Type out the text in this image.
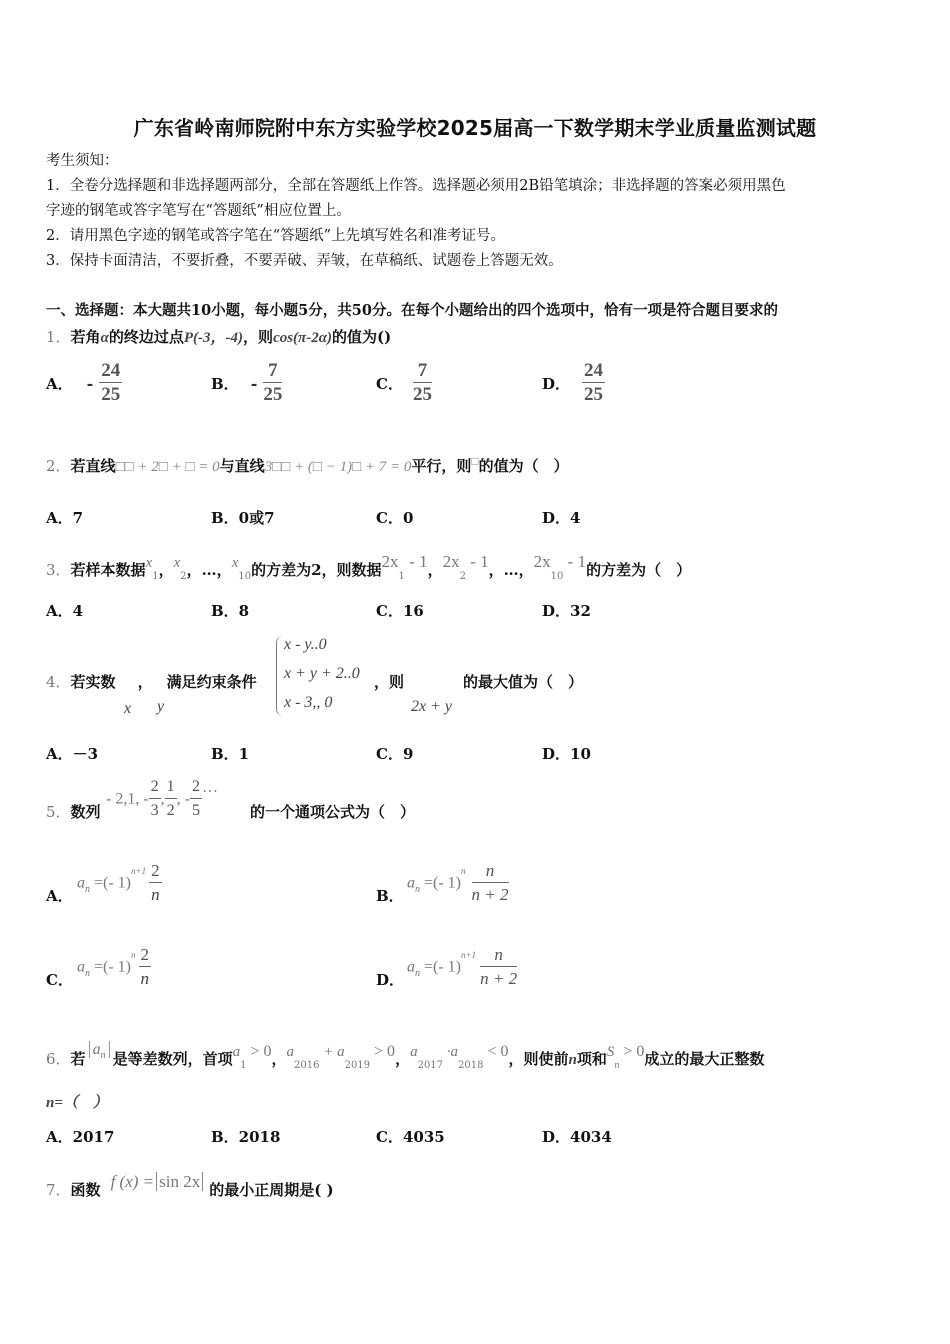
广东省岭南师院附中东方实验学校2025届高一下数学期末学业质量监测试题
考生须知：
1．全卷分选择题和非选择题两部分，全部在答题纸上作答。选择题必须用2B铅笔填涂；非选择题的答案必须用黑色
字迹的钢笔或答字笔写在“答题纸”相应位置上。
2．请用黑色字迹的钢笔或答字笔在“答题纸”上先填写姓名和准考证号。
3．保持卡面清洁，不要折叠，不要弄破、弄皱，在草稿纸、试题卷上答题无效。
一、选择题：本大题共10小题，每小题5分，共50分。在每个小题给出的四个选项中，恰有一项是符合题目要求的
1．若角α的终边过点P(-3，-4)，则cos(π-2α)的值为()
A． - $\frac{24}{25}$	B． - $\frac{7}{25}$	C． $\frac{7}{25}$	D． $\frac{24}{25}$
2．若直线□□ + 2□ + □ = 0与直线3□□ + (□ − 1)□ + 7 = 0平行，则□的值为（　）
A．7	B．0或7	C．0	D．4
3．若样本数据$x_1$，$x_2$，…，$x_{10}$的方差为2，则数据$2x_1 - 1$，$2x_2 - 1$，…，$2x_{10} - 1$的方差为（　）
A．4	B．8	C．16	D．32
4．若实数 ， 满足约束条件
x y
x - y..0
x + y + 2..0
x - 3,, 0
，则
2x + y
的最大值为（　）
A．－3	B．1	C．9	D．10
5．数列
- 2,1, - $\frac{2}{3}$ , $\frac{1}{2}$ , - $\frac{2}{5}$ …
的一个通项公式为（　）
A．
$a_n$ =(- $1)^{n+1} \frac{2}{n}$	B．
$a_n$ =(- $1)^n \frac{n}{n + 2}$
C．
$a_n$ =(- $1)^n \frac{2}{n}$	D．
$a_n$ =(- $1)^{n+1} \frac{n}{n + 2}$
6．若$a_n$ 是等差数列，首项$a_1 > 0$，$a_{2016} + a_{2019} > 0$，$a_{2017} \cdot a_{2018} < 0$，则使前n项和$S_n > 0$成立的最大正整数
n=（　）
A．2017	B．2018	C．4035	D．4034
7．函数 f (x) = sin 2x 的最小正周期是( )
